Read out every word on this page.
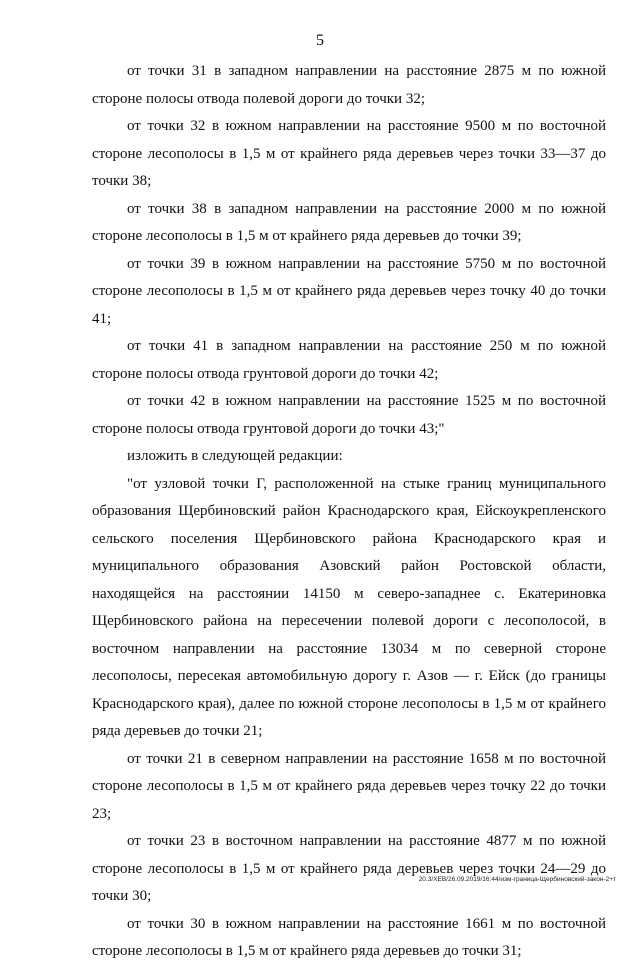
5

от точки 31 в западном направлении на расстояние 2875 м по южной стороне полосы отвода полевой дороги до точки 32;

от точки 32 в южном направлении на расстояние 9500 м по восточной стороне лесополосы в 1,5 м от крайнего ряда деревьев через точки 33—37 до точки 38;

от точки 38 в западном направлении на расстояние 2000 м по южной стороне лесополосы в 1,5 м от крайнего ряда деревьев до точки 39;

от точки 39 в южном направлении на расстояние 5750 м по восточной стороне лесополосы в 1,5 м от крайнего ряда деревьев через точку 40 до точки 41;

от точки 41 в западном направлении на расстояние 250 м по южной стороне полосы отвода грунтовой дороги до точки 42;

от точки 42 в южном направлении на расстояние 1525 м по восточной стороне полосы отвода грунтовой дороги до точки 43;"

изложить в следующей редакции:

"от узловой точки Г, расположенной на стыке границ муниципального образования Щербиновский район Краснодарского края, Ейскоукрепленского сельского поселения Щербиновского района Краснодарского края и муниципального образования Азовский район Ростовской области, находящейся на расстоянии 14150 м северо-западнее с. Екатериновка Щербиновского района на пересечении полевой дороги с лесополосой, в восточном направлении на расстояние 13034 м по северной стороне лесополосы, пересекая автомобильную дорогу г. Азов — г. Ейск (до границы Краснодарского края), далее по южной стороне лесополосы в 1,5 м от крайнего ряда деревьев до точки 21;

от точки 21 в северном направлении на расстояние 1658 м по восточной стороне лесополосы в 1,5 м от крайнего ряда деревьев через точку 22 до точки 23;

от точки 23 в восточном направлении на расстояние 4877 м по южной стороне лесополосы в 1,5 м от крайнего ряда деревьев через точки 24—29 до точки 30;

от точки 30 в южном направлении на расстояние 1661 м по восточной стороне лесополосы в 1,5 м от крайнего ряда деревьев до точки 31;

20.3/ХЕВ/26.09.2019/16:44/изм-граница-Щербиновский-закон-2+т
